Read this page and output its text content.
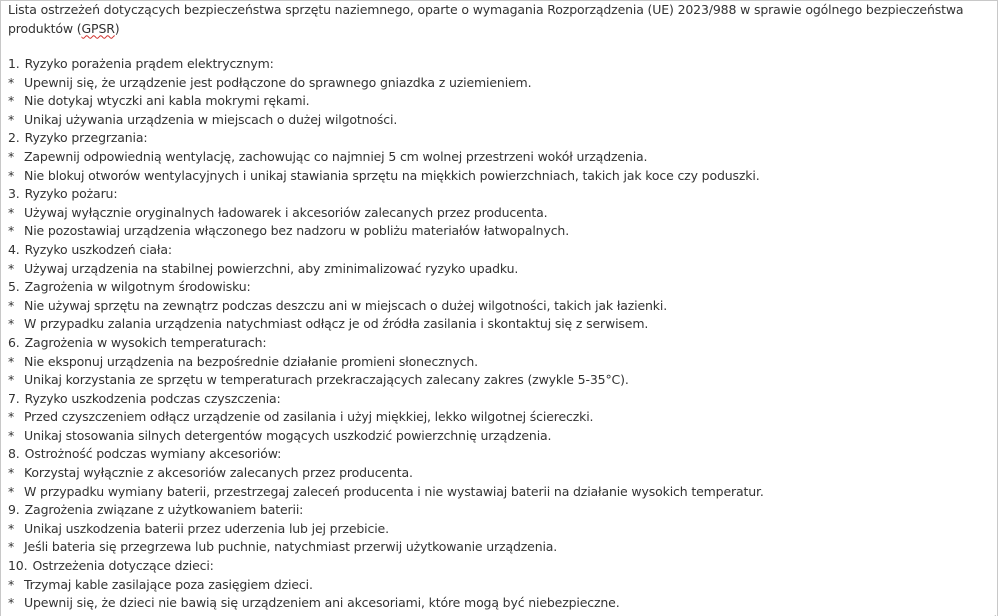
Lista ostrzeżeń dotyczących bezpieczeństwa sprzętu naziemnego, oparte o wymagania Rozporządzenia (UE) 2023/988 w sprawie ogólnego bezpieczeństwa produktów (GPSR)

1. Ryzyko porażenia prądem elektrycznym:
* Upewnij się, że urządzenie jest podłączone do sprawnego gniazdka z uziemieniem.
* Nie dotykaj wtyczki ani kabla mokrymi rękami.
* Unikaj używania urządzenia w miejscach o dużej wilgotności.
2. Ryzyko przegrzania:
* Zapewnij odpowiednią wentylację, zachowując co najmniej 5 cm wolnej przestrzeni wokół urządzenia.
* Nie blokuj otworów wentylacyjnych i unikaj stawiania sprzętu na miękkich powierzchniach, takich jak koce czy poduszki.
3. Ryzyko pożaru:
* Używaj wyłącznie oryginalnych ładowarek i akcesoriów zalecanych przez producenta.
* Nie pozostawiaj urządzenia włączonego bez nadzoru w pobliżu materiałów łatwopalnych.
4. Ryzyko uszkodzeń ciała:
* Używaj urządzenia na stabilnej powierzchni, aby zminimalizować ryzyko upadku.
5. Zagrożenia w wilgotnym środowisku:
* Nie używaj sprzętu na zewnątrz podczas deszczu ani w miejscach o dużej wilgotności, takich jak łazienki.
* W przypadku zalania urządzenia natychmiast odłącz je od źródła zasilania i skontaktuj się z serwisem.
6. Zagrożenia w wysokich temperaturach:
* Nie eksponuj urządzenia na bezpośrednie działanie promieni słonecznych.
* Unikaj korzystania ze sprzętu w temperaturach przekraczających zalecany zakres (zwykle 5-35°C).
7. Ryzyko uszkodzenia podczas czyszczenia:
* Przed czyszczeniem odłącz urządzenie od zasilania i użyj miękkiej, lekko wilgotnej ściereczki.
* Unikaj stosowania silnych detergentów mogących uszkodzić powierzchnię urządzenia.
8. Ostrożność podczas wymiany akcesoriów:
* Korzystaj wyłącznie z akcesoriów zalecanych przez producenta.
* W przypadku wymiany baterii, przestrzegaj zaleceń producenta i nie wystawiaj baterii na działanie wysokich temperatur.
9. Zagrożenia związane z użytkowaniem baterii:
* Unikaj uszkodzenia baterii przez uderzenia lub jej przebicie.
* Jeśli bateria się przegrzewa lub puchnie, natychmiast przerwij użytkowanie urządzenia.
10. Ostrzeżenia dotyczące dzieci:
* Trzymaj kable zasilające poza zasięgiem dzieci.
* Upewnij się, że dzieci nie bawią się urządzeniem ani akcesoriami, które mogą być niebezpieczne.
